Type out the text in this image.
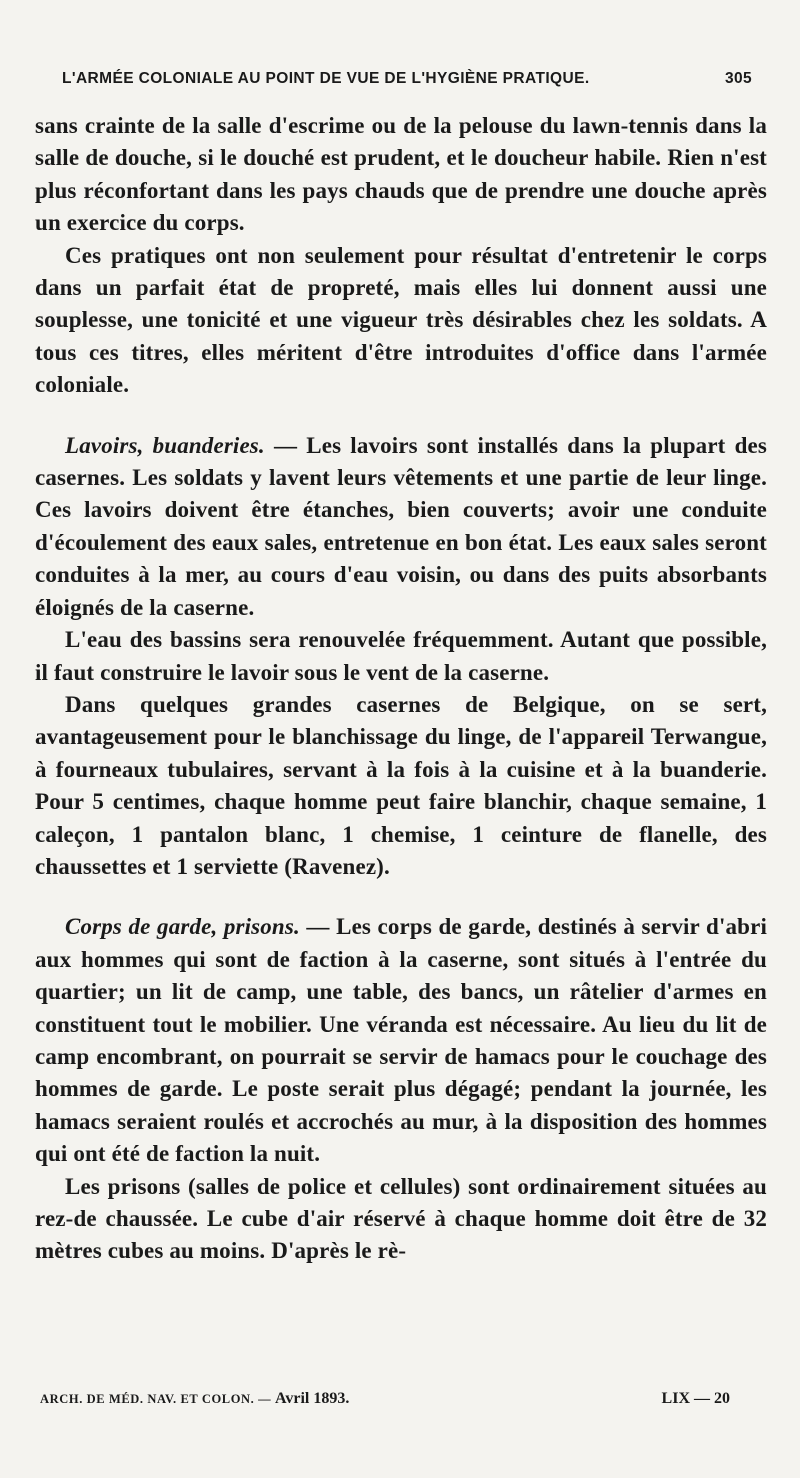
L'ARMÉE COLONIALE AU POINT DE VUE DE L'HYGIÈNE PRATIQUE.	305

sans crainte de la salle d'escrime ou de la pelouse du lawn-tennis dans la salle de douche, si le douché est prudent, et le doucheur habile. Rien n'est plus réconfortant dans les pays chauds que de prendre une douche après un exercice du corps.

Ces pratiques ont non seulement pour résultat d'entretenir le corps dans un parfait état de propreté, mais elles lui donnent aussi une souplesse, une tonicité et une vigueur très désirables chez les soldats. A tous ces titres, elles méritent d'être introduites d'office dans l'armée coloniale.

Lavoirs, buanderies. — Les lavoirs sont installés dans la plupart des casernes. Les soldats y lavent leurs vêtements et une partie de leur linge. Ces lavoirs doivent être étanches, bien couverts; avoir une conduite d'écoulement des eaux sales, entretenue en bon état. Les eaux sales seront conduites à la mer, au cours d'eau voisin, ou dans des puits absorbants éloignés de la caserne.

L'eau des bassins sera renouvelée fréquemment. Autant que possible, il faut construire le lavoir sous le vent de la caserne.

Dans quelques grandes casernes de Belgique, on se sert, avantageusement pour le blanchissage du linge, de l'appareil Terwangue, à fourneaux tubulaires, servant à la fois à la cuisine et à la buanderie. Pour 5 centimes, chaque homme peut faire blanchir, chaque semaine, 1 caleçon, 1 pantalon blanc, 1 chemise, 1 ceinture de flanelle, des chaussettes et 1 serviette (Ravenez).

Corps de garde, prisons. — Les corps de garde, destinés à servir d'abri aux hommes qui sont de faction à la caserne, sont situés à l'entrée du quartier; un lit de camp, une table, des bancs, un râtelier d'armes en constituent tout le mobilier. Une véranda est nécessaire. Au lieu du lit de camp encombrant, on pourrait se servir de hamacs pour le couchage des hommes de garde. Le poste serait plus dégagé; pendant la journée, les hamacs seraient roulés et accrochés au mur, à la disposition des hommes qui ont été de faction la nuit.

Les prisons (salles de police et cellules) sont ordinairement situées au rez-de chaussée. Le cube d'air réservé à chaque homme doit être de 32 mètres cubes au moins. D'après le rè-

ARCH. DE MÉD. NAV. ET COLON. — Avril 1893.	LIX — 20
